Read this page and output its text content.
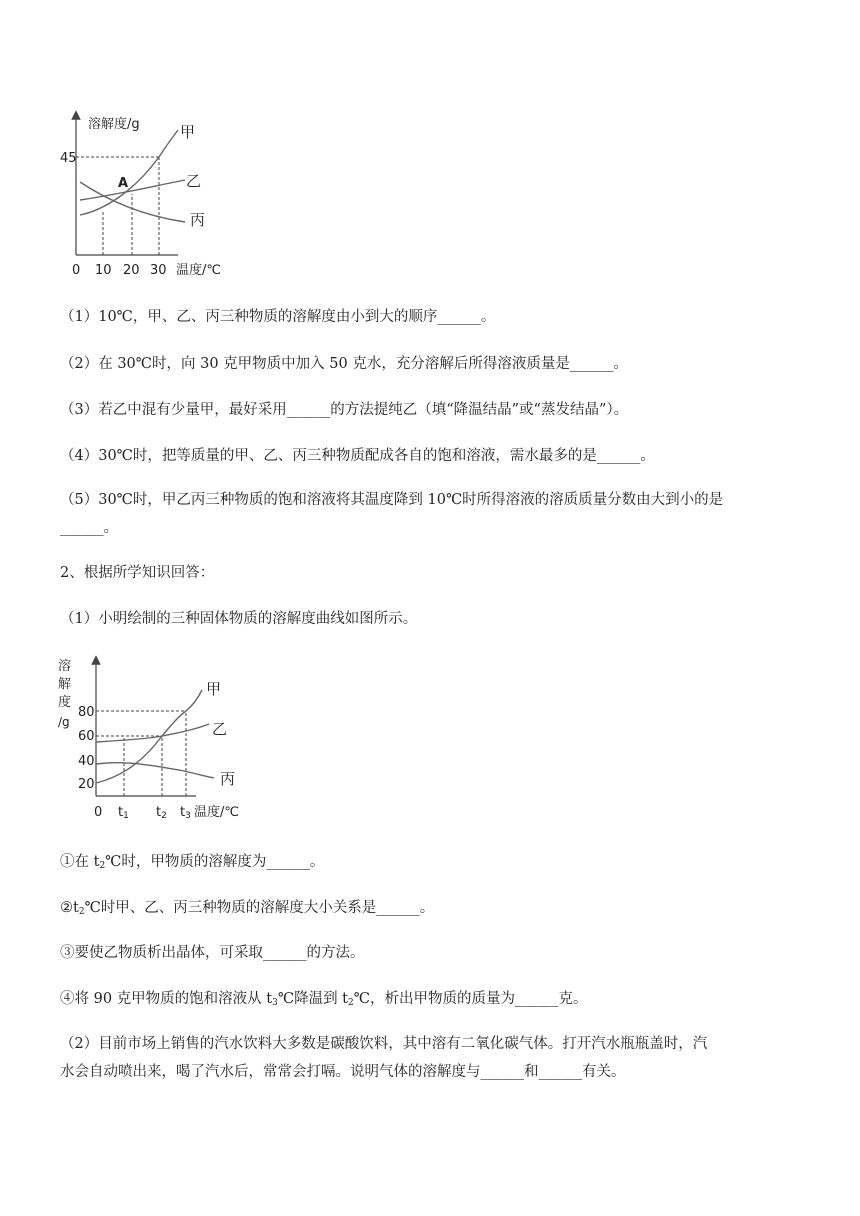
溶解度/g
45
A
甲
乙
丙
0 10 20 30 温度/℃
（1）10℃，甲、乙、丙三种物质的溶解度由小到大的顺序______。
（2）在 30℃时，向 30 克甲物质中加入 50 克水，充分溶解后所得溶液质量是______。
（3）若乙中混有少量甲，最好采用______的方法提纯乙（填“降温结晶”或“蒸发结晶”）。
（4）30℃时，把等质量的甲、乙、丙三种物质配成各自的饱和溶液，需水最多的是______。
（5）30℃时，甲乙丙三种物质的饱和溶液将其温度降到 10℃时所得溶液的溶质质量分数由大到小的是
______。
2、根据所学知识回答：
（1）小明绘制的三种固体物质的溶解度曲线如图所示。
溶
解
度
/g
80
60
40
20
甲
乙
丙
0 t1 t2 t3 温度/℃
①在 $t_2℃$时，甲物质的溶解度为______。
$②t_2℃$时甲、乙、丙三种物质的溶解度大小关系是______。
③要使乙物质析出晶体，可采取______的方法。
④将 90 克甲物质的饱和溶液从 $t_3℃$降温到 $t_2℃$，析出甲物质的质量为______克。
（2）目前市场上销售的汽水饮料大多数是碳酸饮料，其中溶有二氧化碳气体。打开汽水瓶瓶盖时，汽
水会自动喷出来，喝了汽水后，常常会打嗝。说明气体的溶解度与______和______有关。
